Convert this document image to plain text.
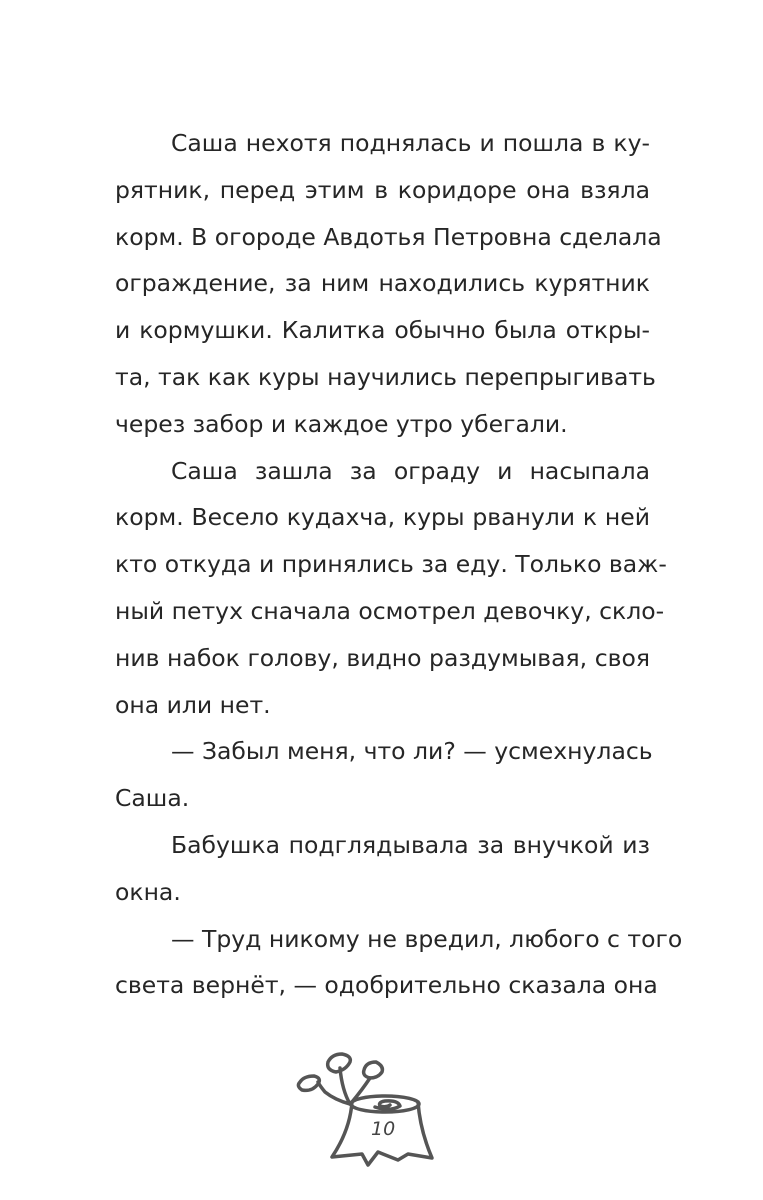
Саша нехотя поднялась и пошла в ку-
рятник, перед этим в коридоре она взяла
корм. В огороде Авдотья Петровна сделала
ограждение, за ним находились курятник
и кормушки. Калитка обычно была откры-
та, так как куры научились перепрыгивать
через забор и каждое утро убегали.
Саша зашла за ограду и насыпала
корм. Весело кудахча, куры рванули к ней
кто откуда и принялись за еду. Только важ-
ный петух сначала осмотрел девочку, скло-
нив набок голову, видно раздумывая, своя
она или нет.
— Забыл меня, что ли? — усмехнулась
Саша.
Бабушка подглядывала за внучкой из
окна.
— Труд никому не вредил, любого с того
света вернёт, — одобрительно сказала она
10
